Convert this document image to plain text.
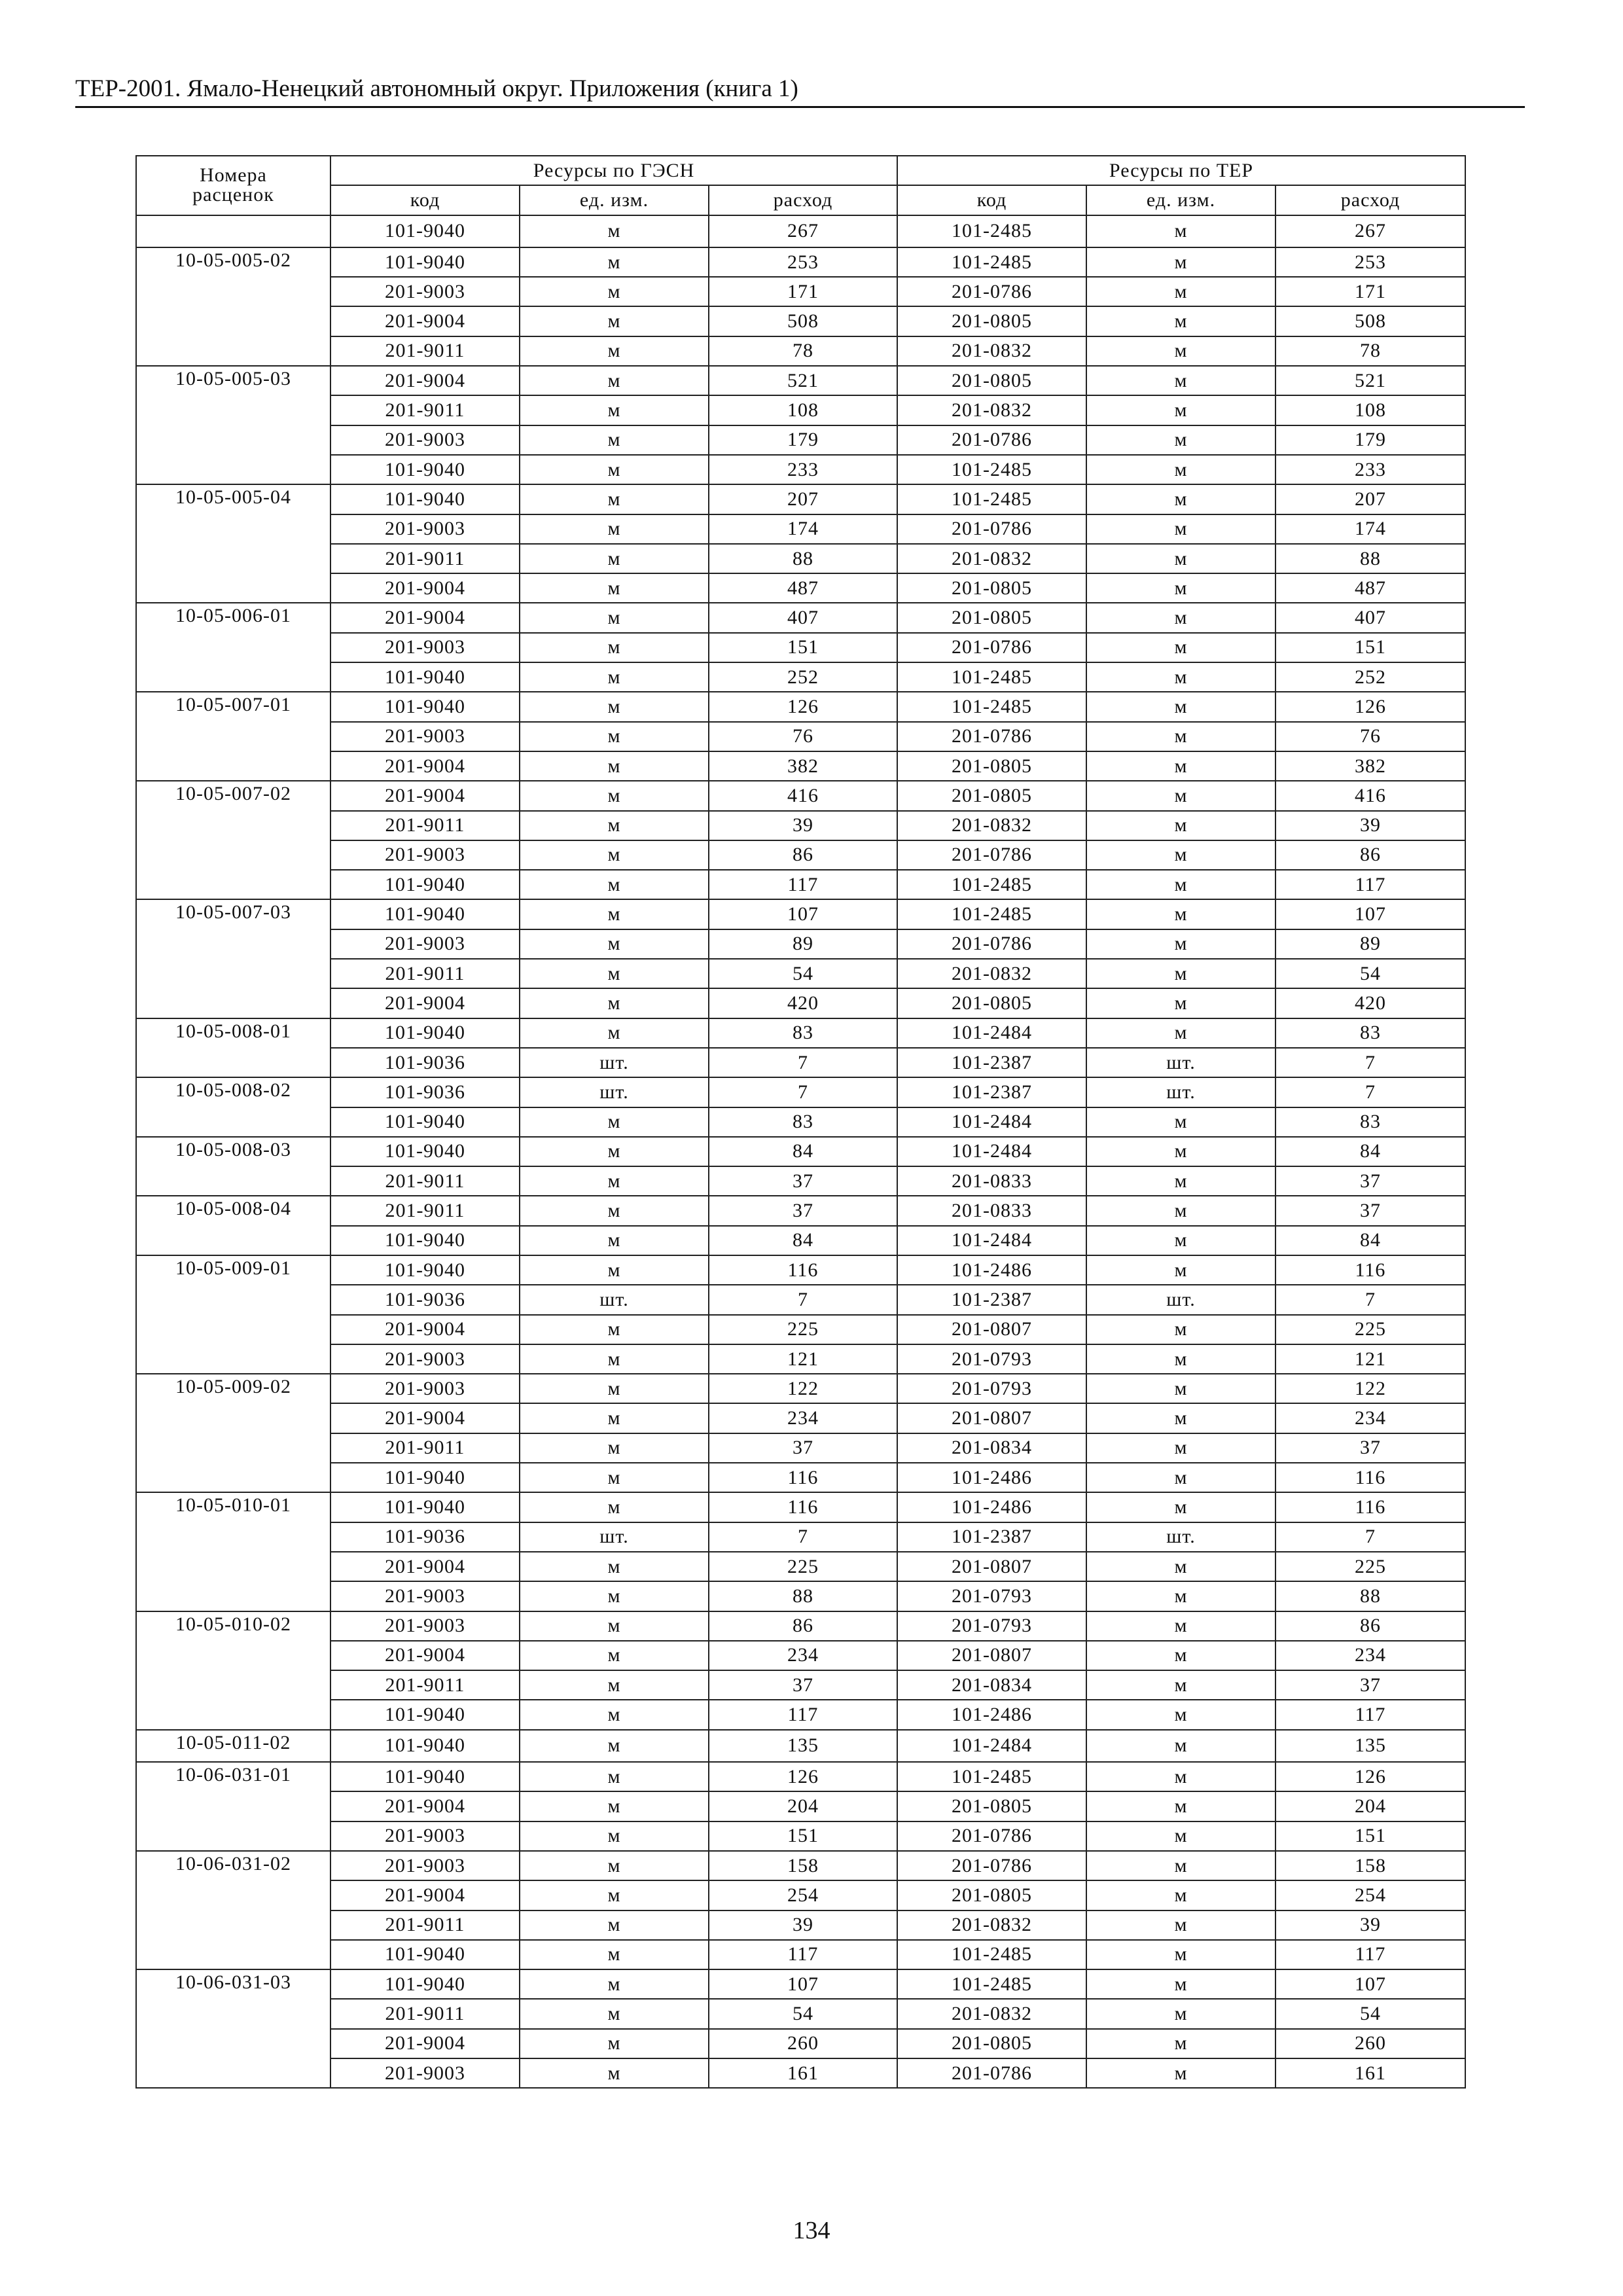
ТЕР-2001. Ямало-Ненецкий автономный округ. Приложения (книга 1)
Номера
расценок	Ресурсы по ГЭСН			Ресурсы по ТЕР		
	код	ед. изм.	расход	код	ед. изм.	расход
	101-9040	м	267	101-2485	м	267
10-05-005-02	101-9040	м	253	101-2485	м	253
	201-9003	м	171	201-0786	м	171
	201-9004	м	508	201-0805	м	508
	201-9011	м	78	201-0832	м	78
10-05-005-03	201-9004	м	521	201-0805	м	521
	201-9011	м	108	201-0832	м	108
	201-9003	м	179	201-0786	м	179
	101-9040	м	233	101-2485	м	233
10-05-005-04	101-9040	м	207	101-2485	м	207
	201-9003	м	174	201-0786	м	174
	201-9011	м	88	201-0832	м	88
	201-9004	м	487	201-0805	м	487
10-05-006-01	201-9004	м	407	201-0805	м	407
	201-9003	м	151	201-0786	м	151
	101-9040	м	252	101-2485	м	252
10-05-007-01	101-9040	м	126	101-2485	м	126
	201-9003	м	76	201-0786	м	76
	201-9004	м	382	201-0805	м	382
10-05-007-02	201-9004	м	416	201-0805	м	416
	201-9011	м	39	201-0832	м	39
	201-9003	м	86	201-0786	м	86
	101-9040	м	117	101-2485	м	117
10-05-007-03	101-9040	м	107	101-2485	м	107
	201-9003	м	89	201-0786	м	89
	201-9011	м	54	201-0832	м	54
	201-9004	м	420	201-0805	м	420
10-05-008-01	101-9040	м	83	101-2484	м	83
	101-9036	шт.	7	101-2387	шт.	7
10-05-008-02	101-9036	шт.	7	101-2387	шт.	7
	101-9040	м	83	101-2484	м	83
10-05-008-03	101-9040	м	84	101-2484	м	84
	201-9011	м	37	201-0833	м	37
10-05-008-04	201-9011	м	37	201-0833	м	37
	101-9040	м	84	101-2484	м	84
10-05-009-01	101-9040	м	116	101-2486	м	116
	101-9036	шт.	7	101-2387	шт.	7
	201-9004	м	225	201-0807	м	225
	201-9003	м	121	201-0793	м	121
10-05-009-02	201-9003	м	122	201-0793	м	122
	201-9004	м	234	201-0807	м	234
	201-9011	м	37	201-0834	м	37
	101-9040	м	116	101-2486	м	116
10-05-010-01	101-9040	м	116	101-2486	м	116
	101-9036	шт.	7	101-2387	шт.	7
	201-9004	м	225	201-0807	м	225
	201-9003	м	88	201-0793	м	88
10-05-010-02	201-9003	м	86	201-0793	м	86
	201-9004	м	234	201-0807	м	234
	201-9011	м	37	201-0834	м	37
	101-9040	м	117	101-2486	м	117
10-05-011-02	101-9040	м	135	101-2484	м	135
10-06-031-01	101-9040	м	126	101-2485	м	126
	201-9004	м	204	201-0805	м	204
	201-9003	м	151	201-0786	м	151
10-06-031-02	201-9003	м	158	201-0786	м	158
	201-9004	м	254	201-0805	м	254
	201-9011	м	39	201-0832	м	39
	101-9040	м	117	101-2485	м	117
10-06-031-03	101-9040	м	107	101-2485	м	107
	201-9011	м	54	201-0832	м	54
	201-9004	м	260	201-0805	м	260
	201-9003	м	161	201-0786	м	161
134
